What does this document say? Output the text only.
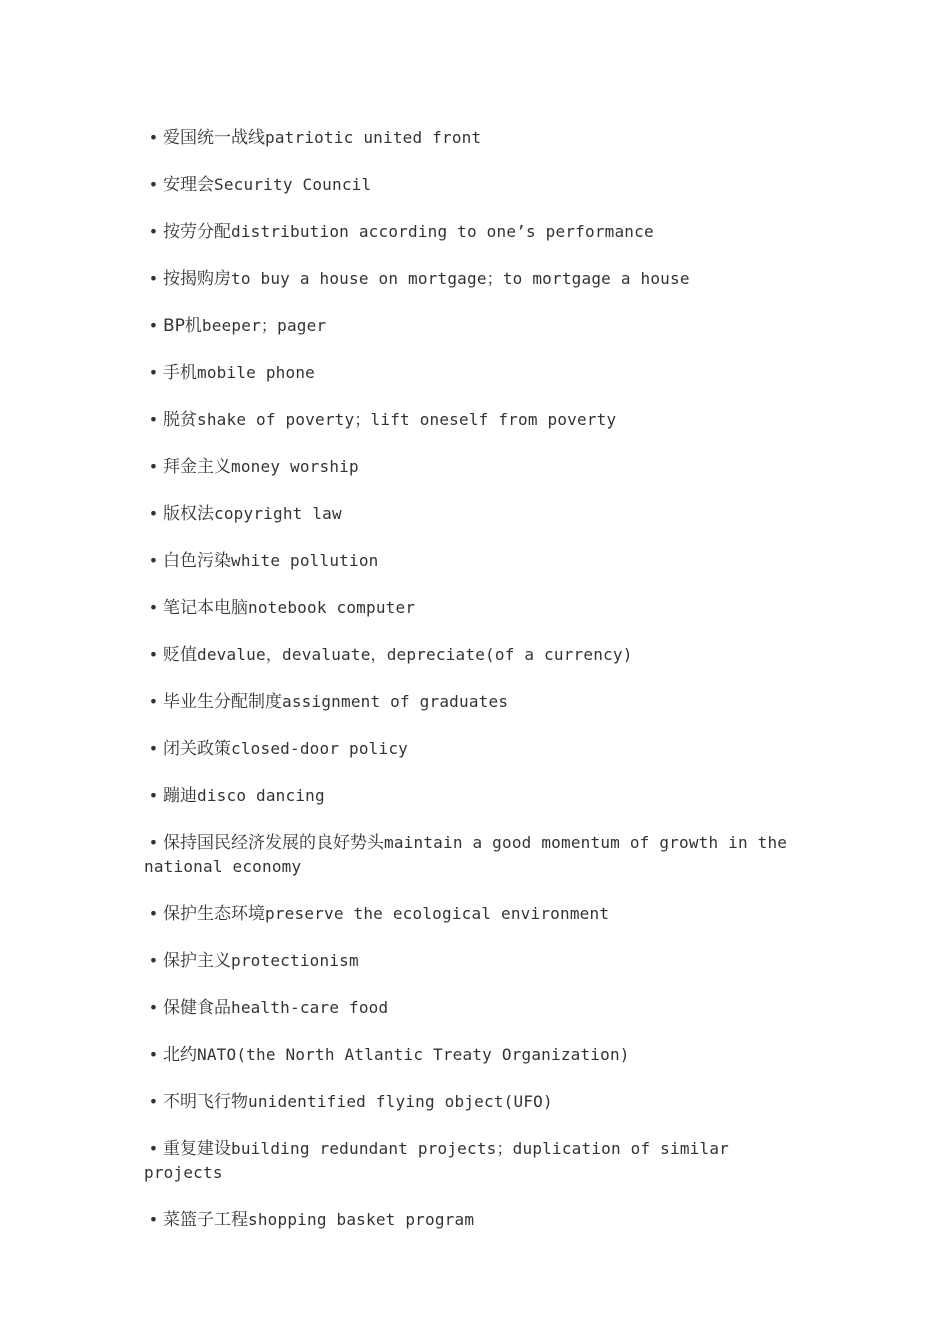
• 爱国统一战线patriotic united front
• 安理会Security Council
• 按劳分配distribution according to one’s performance
• 按揭购房to buy a house on mortgage；to mortgage a house
• BP机beeper；pager
• 手机mobile phone
• 脱贫shake of poverty；lift oneself from poverty
• 拜金主义money worship
• 版权法copyright law
• 白色污染white pollution
• 笔记本电脑notebook computer
• 贬值devalue，devaluate，depreciate(of a currency)
• 毕业生分配制度assignment of graduates
• 闭关政策closed-door policy
• 蹦迪disco dancing
• 保持国民经济发展的良好势头maintain a good momentum of growth in the national economy
• 保护生态环境preserve the ecological environment
• 保护主义protectionism
• 保健食品health-care food
• 北约NATO(the North Atlantic Treaty Organization)
• 不明飞行物unidentified flying object(UFO)
• 重复建设building redundant projects；duplication of similar projects
• 菜篮子工程shopping basket program
